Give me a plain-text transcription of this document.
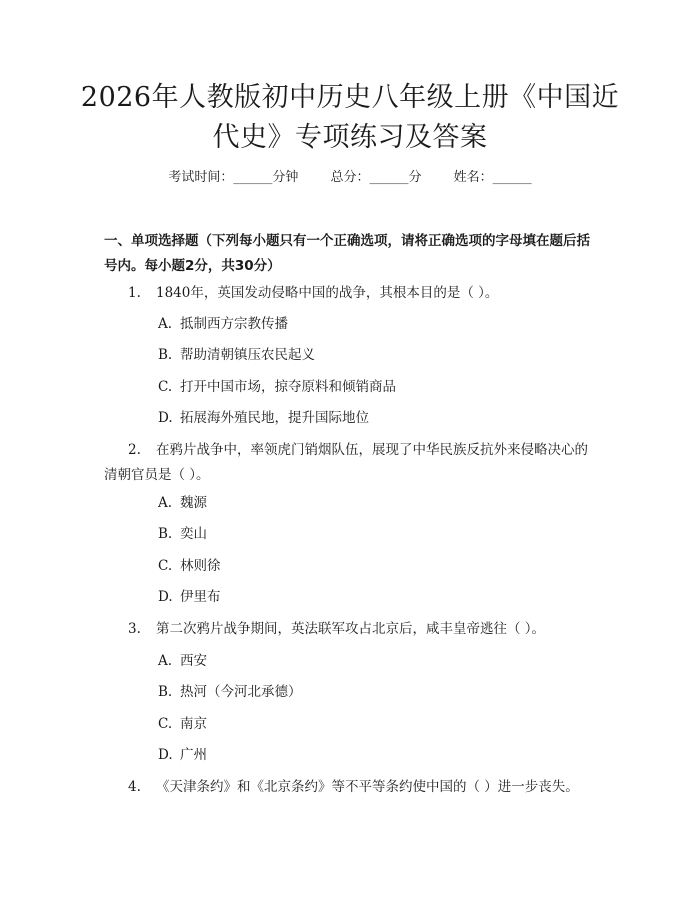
2026年人教版初中历史八年级上册《中国近
代史》专项练习及答案
考试时间：______分钟 总分：______分 姓名：______
一、单项选择题（下列每小题只有一个正确选项，请将正确选项的字母填在题后括号内。每小题2分，共30分）
1. 1840年，英国发动侵略中国的战争，其根本目的是（ ）。
A. 抵制西方宗教传播
B. 帮助清朝镇压农民起义
C. 打开中国市场，掠夺原料和倾销商品
D. 拓展海外殖民地，提升国际地位
2. 在鸦片战争中，率领虎门销烟队伍，展现了中华民族反抗外来侵略决心的清朝官员是（ ）。
A. 魏源
B. 奕山
C. 林则徐
D. 伊里布
3. 第二次鸦片战争期间，英法联军攻占北京后，咸丰皇帝逃往（ ）。
A. 西安
B. 热河（今河北承德）
C. 南京
D. 广州
4. 《天津条约》和《北京条约》等不平等条约使中国的（ ）进一步丧失。
